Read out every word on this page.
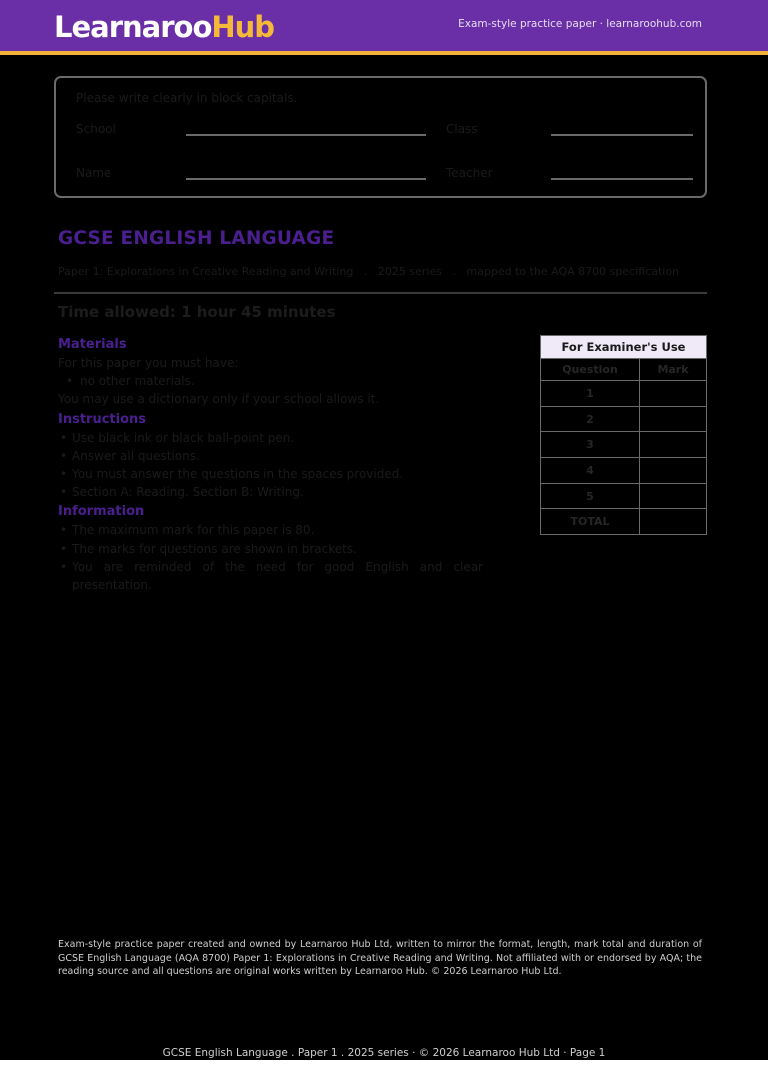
LearnarooHub	Exam-style practice paper · learnaroohub.com
Please write clearly in block capitals.
School	Class
Name	Teacher
GCSE ENGLISH LANGUAGE
Paper 1: Explorations in Creative Reading and Writing   .   2025 series   .   mapped to the AQA 8700 specification
Time allowed: 1 hour 45 minutes
Materials
For this paper you must have:
• no other materials.
You may use a dictionary only if your school allows it.
Instructions
• Use black ink or black ball-point pen.
• Answer all questions.
• You must answer the questions in the spaces provided.
• Section A: Reading. Section B: Writing.
Information
• The maximum mark for this paper is 80.
• The marks for questions are shown in brackets.
• You are reminded of the need for good English and clear presentation.
For Examiner's Use	
Question	Mark
1	
2	
3	
4	
5	
TOTAL	
Exam-style practice paper created and owned by Learnaroo Hub Ltd, written to mirror the format, length, mark total and duration of GCSE English Language (AQA 8700) Paper 1: Explorations in Creative Reading and Writing. Not affiliated with or endorsed by AQA; the reading source and all questions are original works written by Learnaroo Hub. © 2026 Learnaroo Hub Ltd.
GCSE English Language . Paper 1 . 2025 series · © 2026 Learnaroo Hub Ltd · Page 1
